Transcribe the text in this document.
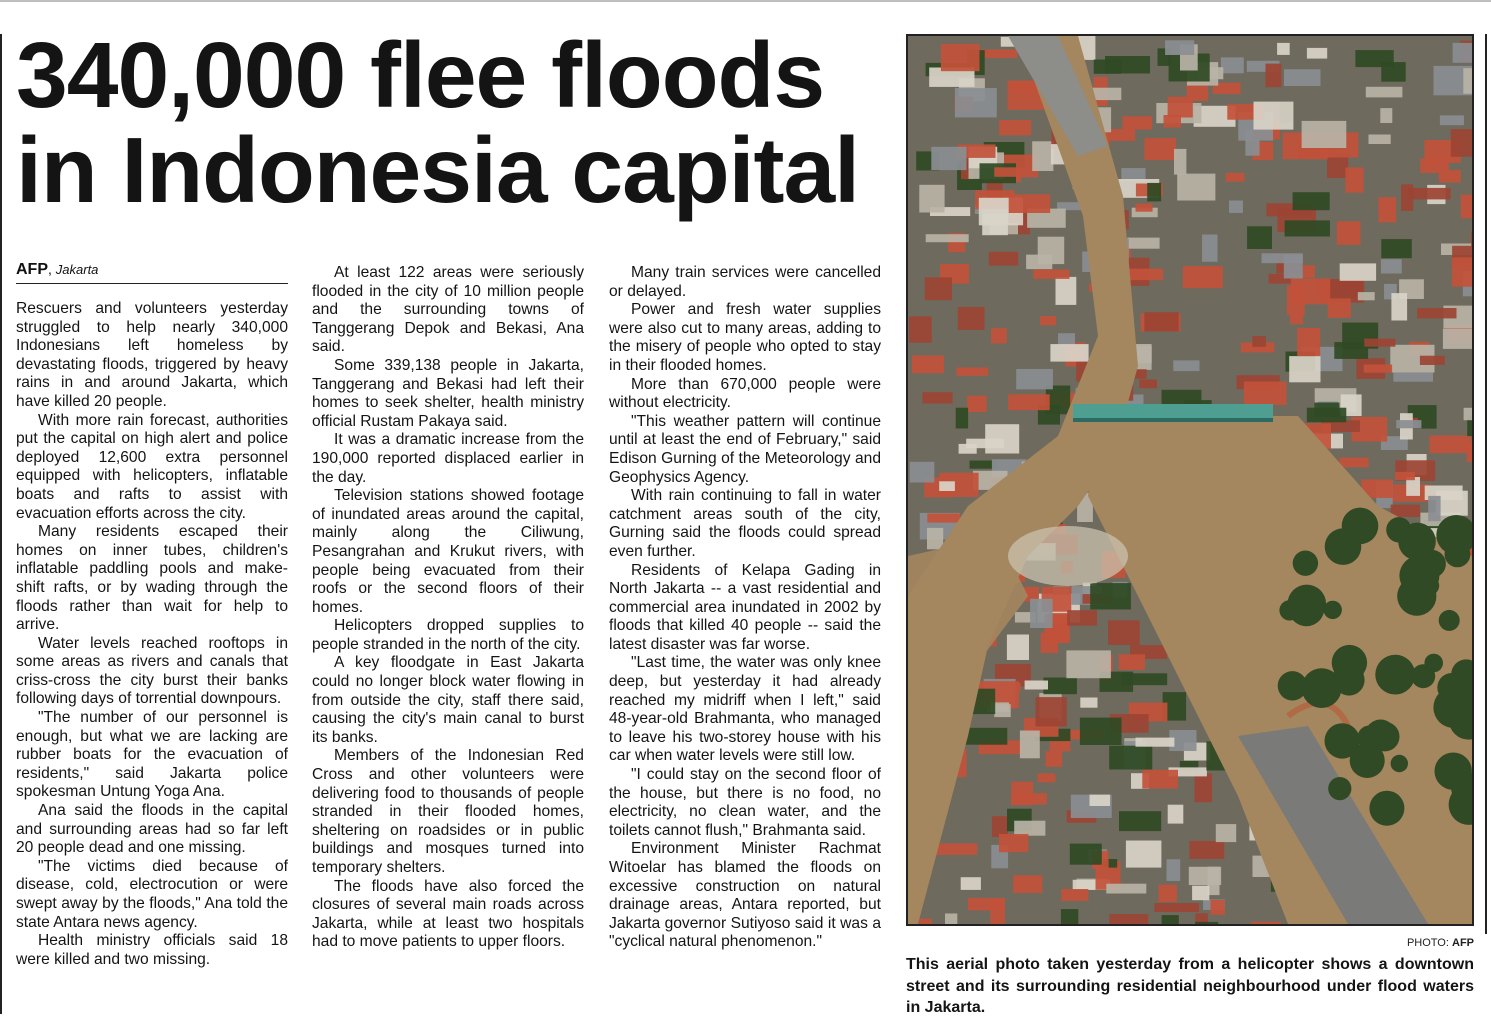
340,000 flee floods
in Indonesia capital
AFP, Jakarta

Rescuers and volunteers yesterday struggled to help nearly 340,000 Indonesians left homeless by devastating floods, triggered by heavy rains in and around Jakarta, which have killed 20 people.

With more rain forecast, authorities put the capital on high alert and police deployed 12,600 extra personnel equipped with helicopters, inflatable boats and rafts to assist with evacuation efforts across the city.

Many residents escaped their homes on inner tubes, children's inflatable paddling pools and make-shift rafts, or by wading through the floods rather than wait for help to arrive.

Water levels reached rooftops in some areas as rivers and canals that criss-cross the city burst their banks following days of torrential downpours.

"The number of our personnel is enough, but what we are lacking are rubber boats for the evacuation of residents," said Jakarta police spokesman Untung Yoga Ana.

Ana said the floods in the capital and surrounding areas had so far left 20 people dead and one missing.

"The victims died because of disease, cold, electrocution or were swept away by the floods," Ana told the state Antara news agency.

Health ministry officials said 18 were killed and two missing.

At least 122 areas were seriously flooded in the city of 10 million people and the surrounding towns of Tanggerang Depok and Bekasi, Ana said.

Some 339,138 people in Jakarta, Tanggerang and Bekasi had left their homes to seek shelter, health ministry official Rustam Pakaya said.

It was a dramatic increase from the 190,000 reported displaced earlier in the day.

Television stations showed footage of inundated areas around the capital, mainly along the Ciliwung, Pesangrahan and Krukut rivers, with people being evacuated from their roofs or the second floors of their homes.

Helicopters dropped supplies to people stranded in the north of the city.

A key floodgate in East Jakarta could no longer block water flowing in from outside the city, staff there said, causing the city's main canal to burst its banks.

Members of the Indonesian Red Cross and other volunteers were delivering food to thousands of people stranded in their flooded homes, sheltering on roadsides or in public buildings and mosques turned into temporary shelters.

The floods have also forced the closures of several main roads across Jakarta, while at least two hospitals had to move patients to upper floors.

Many train services were cancelled or delayed.

Power and fresh water supplies were also cut to many areas, adding to the misery of people who opted to stay in their flooded homes.

More than 670,000 people were without electricity.

"This weather pattern will continue until at least the end of February," said Edison Gurning of the Meteorology and Geophysics Agency.

With rain continuing to fall in water catchment areas south of the city, Gurning said the floods could spread even further.

Residents of Kelapa Gading in North Jakarta -- a vast residential and commercial area inundated in 2002 by floods that killed 40 people -- said the latest disaster was far worse.

"Last time, the water was only knee deep, but yesterday it had already reached my midriff when I left," said 48-year-old Brahmanta, who managed to leave his two-storey house with his car when water levels were still low.

"I could stay on the second floor of the house, but there is no food, no electricity, no clean water, and the toilets cannot flush," Brahmanta said.

Environment Minister Rachmat Witoelar has blamed the floods on excessive construction on natural drainage areas, Antara reported, but Jakarta governor Sutiyoso said it was a "cyclical natural phenomenon."	PHOTO: AFP

This aerial photo taken yesterday from a helicopter shows a downtown street and its surrounding residential neighbourhood under flood waters in Jakarta.
